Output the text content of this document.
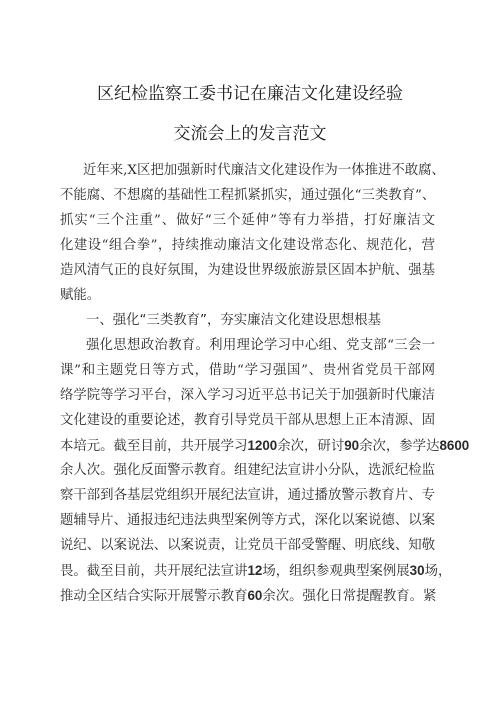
区纪检监察工委书记在廉洁文化建设经验
交流会上的发言范文
近年来,X区把加强新时代廉洁文化建设作为一体推进不敢腐、
不能腐、不想腐的基础性工程抓紧抓实，通过强化“三类教育”、
抓实“三个注重”、做好“三个延伸”等有力举措，打好廉洁文
化建设“组合拳”，持续推动廉洁文化建设常态化、规范化，营
造风清气正的良好氛围，为建设世界级旅游景区固本护航、强基
赋能。
一、强化“三类教育”，夯实廉洁文化建设思想根基
强化思想政治教育。利用理论学习中心组、党支部“三会一
课”和主题党日等方式，借助“学习强国”、贵州省党员干部网
络学院等学习平台，深入学习习近平总书记关于加强新时代廉洁
文化建设的重要论述，教育引导党员干部从思想上正本清源、固
本培元。截至目前，共开展学习1200余次，研讨90余次，参学达8600
余人次。强化反面警示教育。组建纪法宣讲小分队，选派纪检监
察干部到各基层党组织开展纪法宣讲，通过播放警示教育片、专
题辅导片、通报违纪违法典型案例等方式，深化以案说德、以案
说纪、以案说法、以案说责，让党员干部受警醒、明底线、知敬
畏。截至目前，共开展纪法宣讲12场，组织参观典型案例展30场，
推动全区结合实际开展警示教育60余次。强化日常提醒教育。紧
